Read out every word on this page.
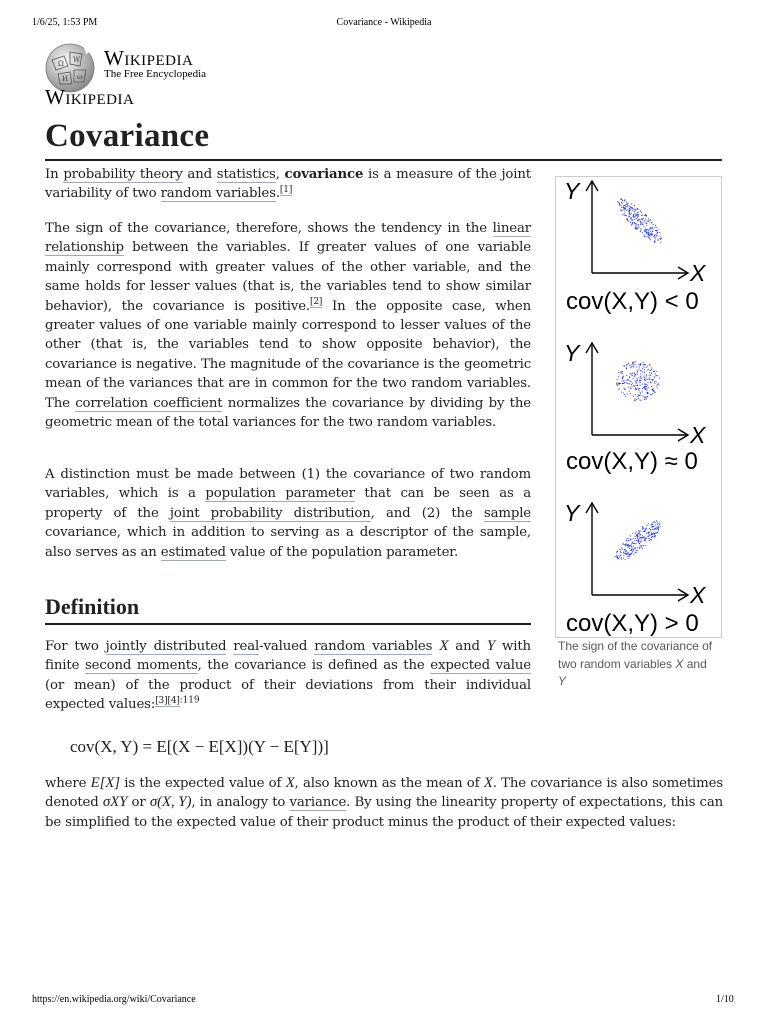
1/6/25, 1:53 PM	Covariance - Wikipedia
Ω W
И ω
Wikipedia
The Free Encyclopedia
Wikipedia
Covariance

In probability theory and statistics, covariance is a measure of the joint variability of two random variables.[1]

The sign of the covariance, therefore, shows the tendency in the linear relationship between the variables. If greater values of one variable mainly correspond with greater values of the other variable, and the same holds for lesser values (that is, the variables tend to show similar behavior), the covariance is positive.[2] In the opposite case, when greater values of one variable mainly correspond to lesser values of the other (that is, the variables tend to show opposite behavior), the covariance is negative. The magnitude of the covariance is the geometric mean of the variances that are in common for the two random variables. The correlation coefficient normalizes the covariance by dividing by the geometric mean of the total variances for the two random variables.

A distinction must be made between (1) the covariance of two random variables, which is a population parameter that can be seen as a property of the joint probability distribution, and (2) the sample covariance, which in addition to serving as a descriptor of the sample, also serves as an estimated value of the population parameter.

Definition

For two jointly distributed real-valued random variables X and Y with finite second moments, the covariance is defined as the expected value (or mean) of the product of their deviations from their individual expected values:$^{[3][4]:119}$

cov(X, Y) = E[(X − E[X])(Y − E[Y])]

where E[X] is the expected value of X, also known as the mean of X. The covariance is also sometimes denoted σXY or σ(X, Y), in analogy to variance. By using the linearity property of expectations, this can be simplified to the expected value of their product minus the product of their expected values:

Y
X
cov(X,Y) < 0
Y
X
cov(X,Y) ≈ 0
Y
X
cov(X,Y) > 0
The sign of the covariance of two random variables X and Y
https://en.wikipedia.org/wiki/Covariance	1/10
